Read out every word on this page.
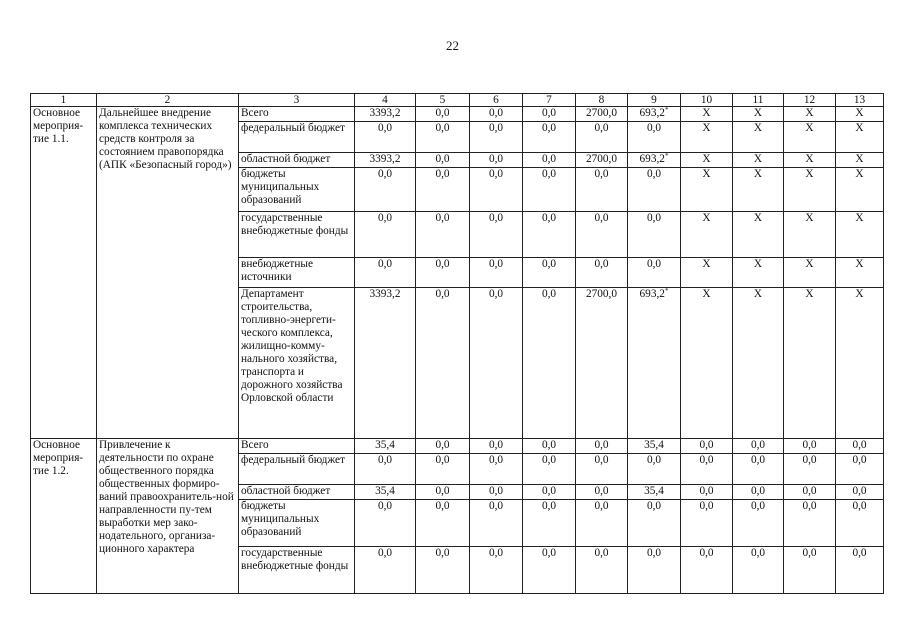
22
1	2	3	4	5	6	7	8	9	10	11	12	13
Основное мероприя-тие 1.1.	Дальнейшее внедрение комплекса технических средств контроля за состоянием правопорядка (АПК «Безопасный город»)	Всего	3393,2	0,0	0,0	0,0	2700,0	693,2*	Х	Х	Х	Х
		федеральный бюджет	0,0	0,0	0,0	0,0	0,0	0,0	Х	Х	Х	Х
		областной бюджет	3393,2	0,0	0,0	0,0	2700,0	693,2*	Х	Х	Х	Х
		бюджеты муниципальных образований	0,0	0,0	0,0	0,0	0,0	0,0	Х	Х	Х	Х
		государственные внебюджетные фонды	0,0	0,0	0,0	0,0	0,0	0,0	Х	Х	Х	Х
		внебюджетные источники	0,0	0,0	0,0	0,0	0,0	0,0	Х	Х	Х	Х
		Департамент строительства, топливно-энергети-ческого комплекса, жилищно-комму-нального хозяйства, транспорта и дорожного хозяйства Орловской области	3393,2	0,0	0,0	0,0	2700,0	693,2*	Х	Х	Х	Х
Основное мероприя-тие 1.2.	Привлечение к деятельности по охране общественного порядка общественных формиро-ваний правоохранитель-ной направленности пу-тем выработки мер зако-нодательного, организа-ционного характера	Всего	35,4	0,0	0,0	0,0	0,0	35,4	0,0	0,0	0,0	0,0
		федеральный бюджет	0,0	0,0	0,0	0,0	0,0	0,0	0,0	0,0	0,0	0,0
		областной бюджет	35,4	0,0	0,0	0,0	0,0	35,4	0,0	0,0	0,0	0,0
		бюджеты муниципальных образований	0,0	0,0	0,0	0,0	0,0	0,0	0,0	0,0	0,0	0,0
		государственные внебюджетные фонды	0,0	0,0	0,0	0,0	0,0	0,0	0,0	0,0	0,0	0,0
